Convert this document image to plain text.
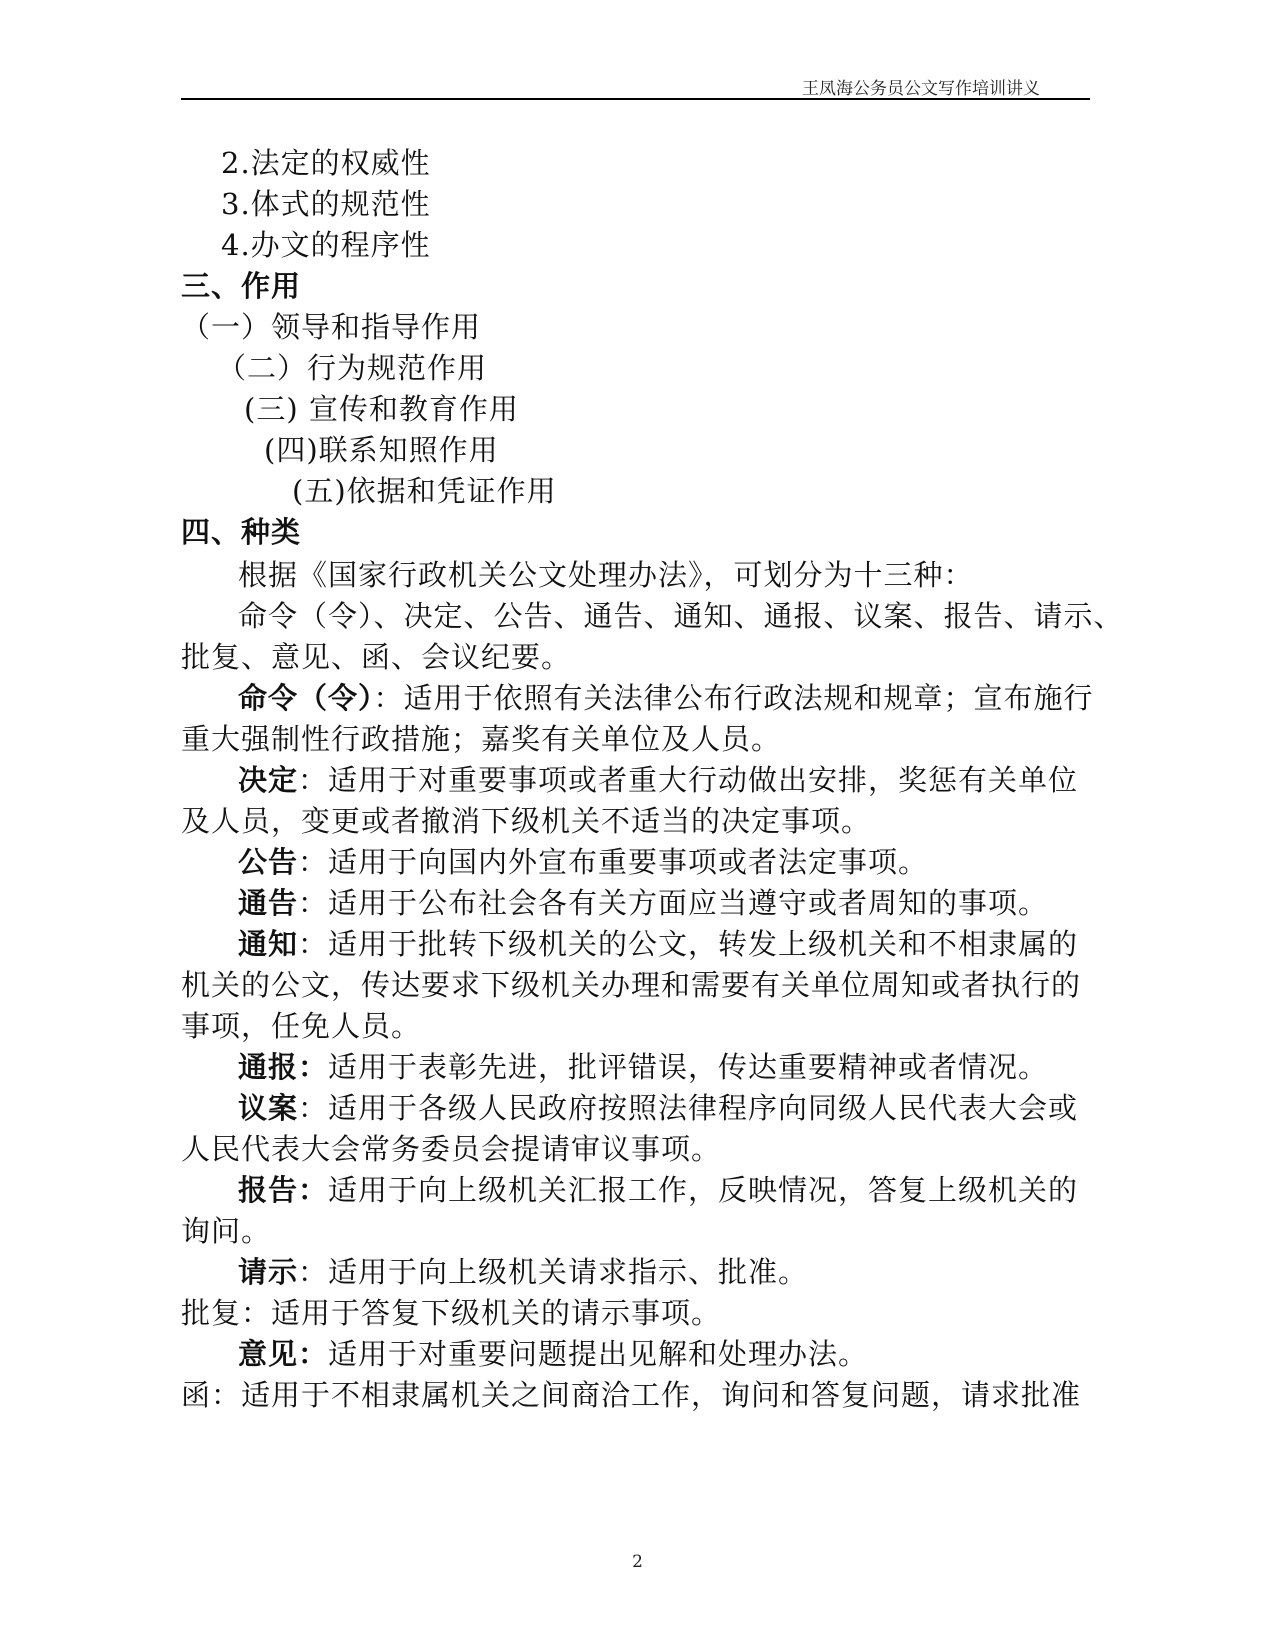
王凤海公务员公文写作培训讲义
2.法定的权威性
3.体式的规范性
4.办文的程序性
三、作用
（一）领导和指导作用
（二）行为规范作用
(三) 宣传和教育作用
(四)联系知照作用
(五)依据和凭证作用
四、种类
根据《国家行政机关公文处理办法》，可划分为十三种：
命令（令）、决定、公告、通告、通知、通报、议案、报告、请示、
批复、意见、函、会议纪要。
命令（令）：适用于依照有关法律公布行政法规和规章；宣布施行
重大强制性行政措施；嘉奖有关单位及人员。
决定：适用于对重要事项或者重大行动做出安排，奖惩有关单位
及人员，变更或者撤消下级机关不适当的决定事项。
公告：适用于向国内外宣布重要事项或者法定事项。
通告：适用于公布社会各有关方面应当遵守或者周知的事项。
通知：适用于批转下级机关的公文，转发上级机关和不相隶属的
机关的公文，传达要求下级机关办理和需要有关单位周知或者执行的
事项，任免人员。
通报：适用于表彰先进，批评错误，传达重要精神或者情况。
议案：适用于各级人民政府按照法律程序向同级人民代表大会或
人民代表大会常务委员会提请审议事项。
报告：适用于向上级机关汇报工作，反映情况，答复上级机关的
询问。
请示：适用于向上级机关请求指示、批准。
批复：适用于答复下级机关的请示事项。
意见：适用于对重要问题提出见解和处理办法。
函：适用于不相隶属机关之间商洽工作，询问和答复问题，请求批准
2
